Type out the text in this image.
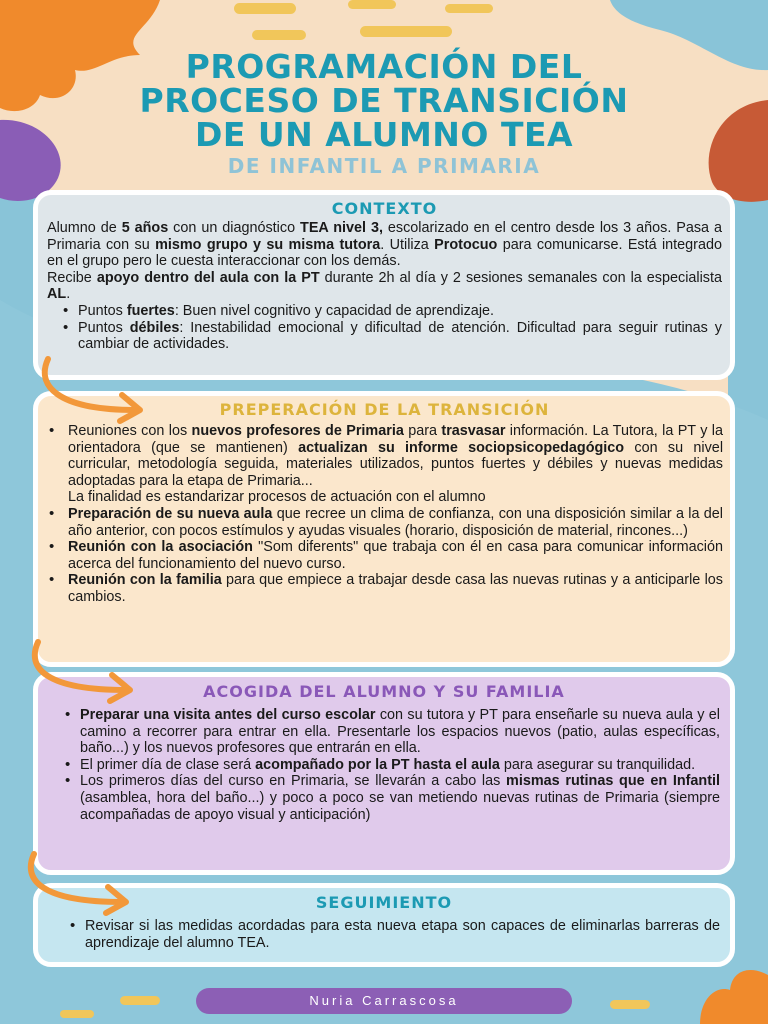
PROGRAMACIÓN DEL
PROCESO DE TRANSICIÓN
DE UN ALUMNO TEA
DE INFANTIL A PRIMARIA
CONTEXTO

Alumno de 5 años con un diagnóstico TEA nivel 3, escolarizado en el centro desde los 3 años. Pasa a Primaria con su mismo grupo y su misma tutora. Utiliza Protocuo para comunicarse. Está integrado en el grupo pero le cuesta interaccionar con los demás.

Recibe apoyo dentro del aula con la PT durante 2h al día y 2 sesiones semanales con la especialista AL.

• Puntos fuertes: Buen nivel cognitivo y capacidad de aprendizaje.
• Puntos débiles: Inestabilidad emocional y dificultad de atención. Dificultad para seguir rutinas y cambiar de actividades.
PREPERACIÓN DE LA TRANSICIÓN
• Reuniones con los nuevos profesores de Primaria para trasvasar información. La Tutora, la PT y la orientadora (que se mantienen) actualizan su informe sociopsicopedagógico con su nivel curricular, metodología seguida, materiales utilizados, puntos fuertes y débiles y nuevas medidas adoptadas para la etapa de Primaria...
La finalidad es estandarizar procesos de actuación con el alumno
• Preparación de su nueva aula que recree un clima de confianza, con una disposición similar a la del año anterior, con pocos estímulos y ayudas visuales (horario, disposición de material, rincones...)
• Reunión con la asociación "Som diferents" que trabaja con él en casa para comunicar información acerca del funcionamiento del nuevo curso.
• Reunión con la familia para que empiece a trabajar desde casa las nuevas rutinas y a anticiparle los cambios.
ACOGIDA DEL ALUMNO Y SU FAMILIA
• Preparar una visita antes del curso escolar con su tutora y PT para enseñarle su nueva aula y el camino a recorrer para entrar en ella. Presentarle los espacios nuevos (patio, aulas específicas, baño...) y los nuevos profesores que entrarán en ella.
• El primer día de clase será acompañado por la PT hasta el aula para asegurar su tranquilidad.
• Los primeros días del curso en Primaria, se llevarán a cabo las mismas rutinas que en Infantil (asamblea, hora del baño...) y poco a poco se van metiendo nuevas rutinas de Primaria (siempre acompañadas de apoyo visual y anticipación)
SEGUIMIENTO
• Revisar si las medidas acordadas para esta nueva etapa son capaces de eliminarlas barreras de aprendizaje del alumno TEA.
Nuria Carrascosa
